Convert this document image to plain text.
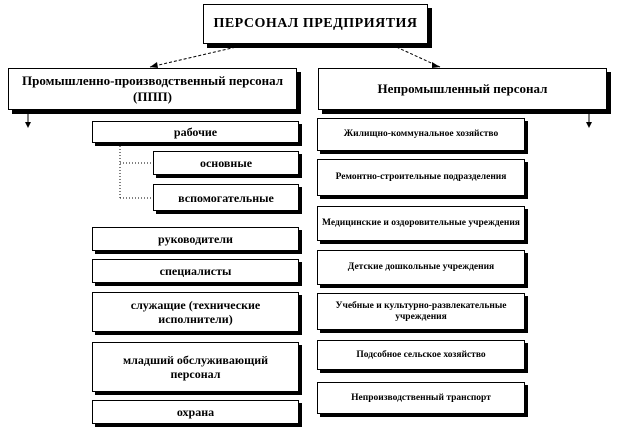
ПЕРСОНАЛ ПРЕДПРИЯТИЯ
Промышленно-производственный персонал (ППП)
Непромышленный персонал
рабочие
основные
вспомогательные
руководители
специалисты
служащие (технические исполнители)
младший обслуживающий персонал
охрана
Жилищно-коммунальное хозяйство
Ремонтно-строительные подразделения
Медицинские и оздоровительные учреждения
Детские дошкольные учреждения
Учебные и культурно-развлекательные учреждения
Подсобное сельское хозяйство
Непроизводственный транспорт
